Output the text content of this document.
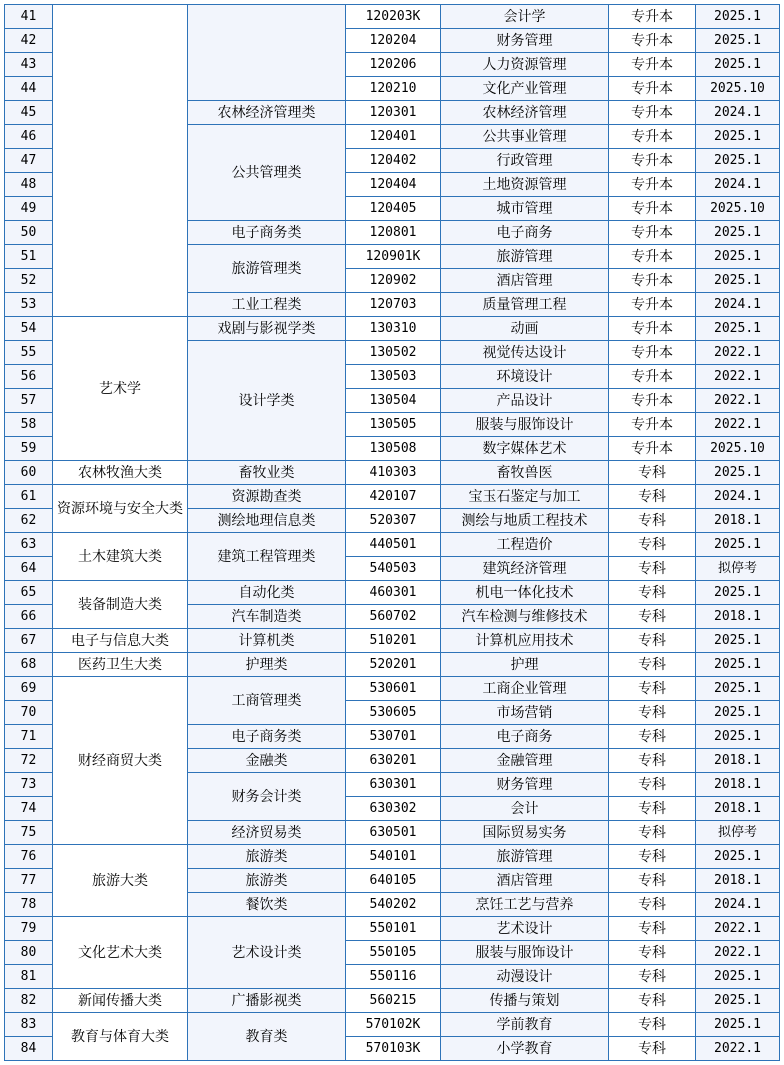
41			120203K	会计学	专升本	2025.1
42			120204	财务管理	专升本	2025.1
43			120206	人力资源管理	专升本	2025.1
44			120210	文化产业管理	专升本	2025.10
45		农林经济管理类	120301	农林经济管理	专升本	2024.1
46		公共管理类	120401	公共事业管理	专升本	2025.1
47			120402	行政管理	专升本	2025.1
48			120404	土地资源管理	专升本	2024.1
49			120405	城市管理	专升本	2025.10
50		电子商务类	120801	电子商务	专升本	2025.1
51		旅游管理类	120901K	旅游管理	专升本	2025.1
52			120902	酒店管理	专升本	2025.1
53		工业工程类	120703	质量管理工程	专升本	2024.1
54	艺术学	戏剧与影视学类	130310	动画	专升本	2025.1
55		设计学类	130502	视觉传达设计	专升本	2022.1
56			130503	环境设计	专升本	2022.1
57			130504	产品设计	专升本	2022.1
58			130505	服装与服饰设计	专升本	2022.1
59			130508	数字媒体艺术	专升本	2025.10
60	农林牧渔大类	畜牧业类	410303	畜牧兽医	专科	2025.1
61	资源环境与安全大类	资源勘查类	420107	宝玉石鉴定与加工	专科	2024.1
62		测绘地理信息类	520307	测绘与地质工程技术	专科	2018.1
63	土木建筑大类	建筑工程管理类	440501	工程造价	专科	2025.1
64			540503	建筑经济管理	专科	拟停考
65	装备制造大类	自动化类	460301	机电一体化技术	专科	2025.1
66		汽车制造类	560702	汽车检测与维修技术	专科	2018.1
67	电子与信息大类	计算机类	510201	计算机应用技术	专科	2025.1
68	医药卫生大类	护理类	520201	护理	专科	2025.1
69	财经商贸大类	工商管理类	530601	工商企业管理	专科	2025.1
70			530605	市场营销	专科	2025.1
71		电子商务类	530701	电子商务	专科	2025.1
72		金融类	630201	金融管理	专科	2018.1
73		财务会计类	630301	财务管理	专科	2018.1
74			630302	会计	专科	2018.1
75		经济贸易类	630501	国际贸易实务	专科	拟停考
76	旅游大类	旅游类	540101	旅游管理	专科	2025.1
77		旅游类	640105	酒店管理	专科	2018.1
78		餐饮类	540202	烹饪工艺与营养	专科	2024.1
79	文化艺术大类	艺术设计类	550101	艺术设计	专科	2022.1
80			550105	服装与服饰设计	专科	2022.1
81			550116	动漫设计	专科	2025.1
82	新闻传播大类	广播影视类	560215	传播与策划	专科	2025.1
83	教育与体育大类	教育类	570102K	学前教育	专科	2025.1
84			570103K	小学教育	专科	2022.1
